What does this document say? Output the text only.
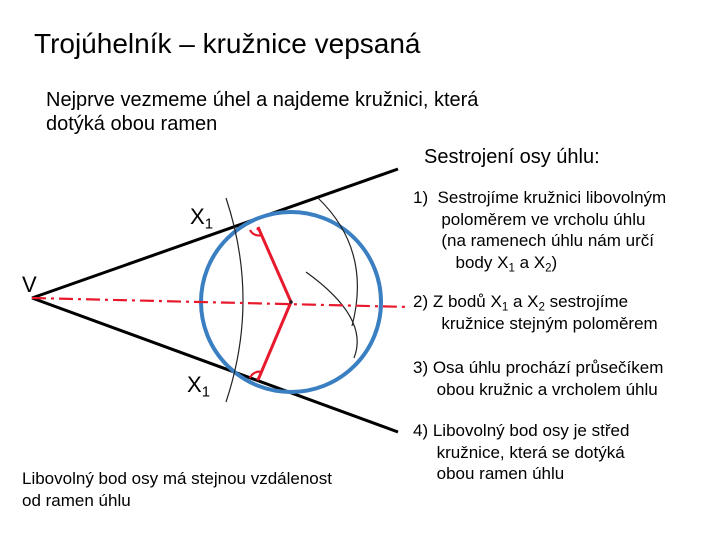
Trojúhelník – kružnice vepsaná
Nejprve vezmeme úhel a najdeme kružnici, která
dotýká obou ramen
Sestrojení osy úhlu:
1)  Sestrojíme kružnici libovolným
poloměrem ve vrcholu úhlu
(na ramenech úhlu nám určí
body $X_1$ a $X_2$)
2) Z bodů $X_1$ a $X_2$ sestrojíme
kružnice stejným poloměrem
3) Osa úhlu prochází průsečíkem
obou kružnic a vrcholem úhlu
4) Libovolný bod osy je střed
kružnice, která se dotýká
obou ramen úhlu
Libovolný bod osy má stejnou vzdálenost
od ramen úhlu
$X_1$
$X_1$
V
